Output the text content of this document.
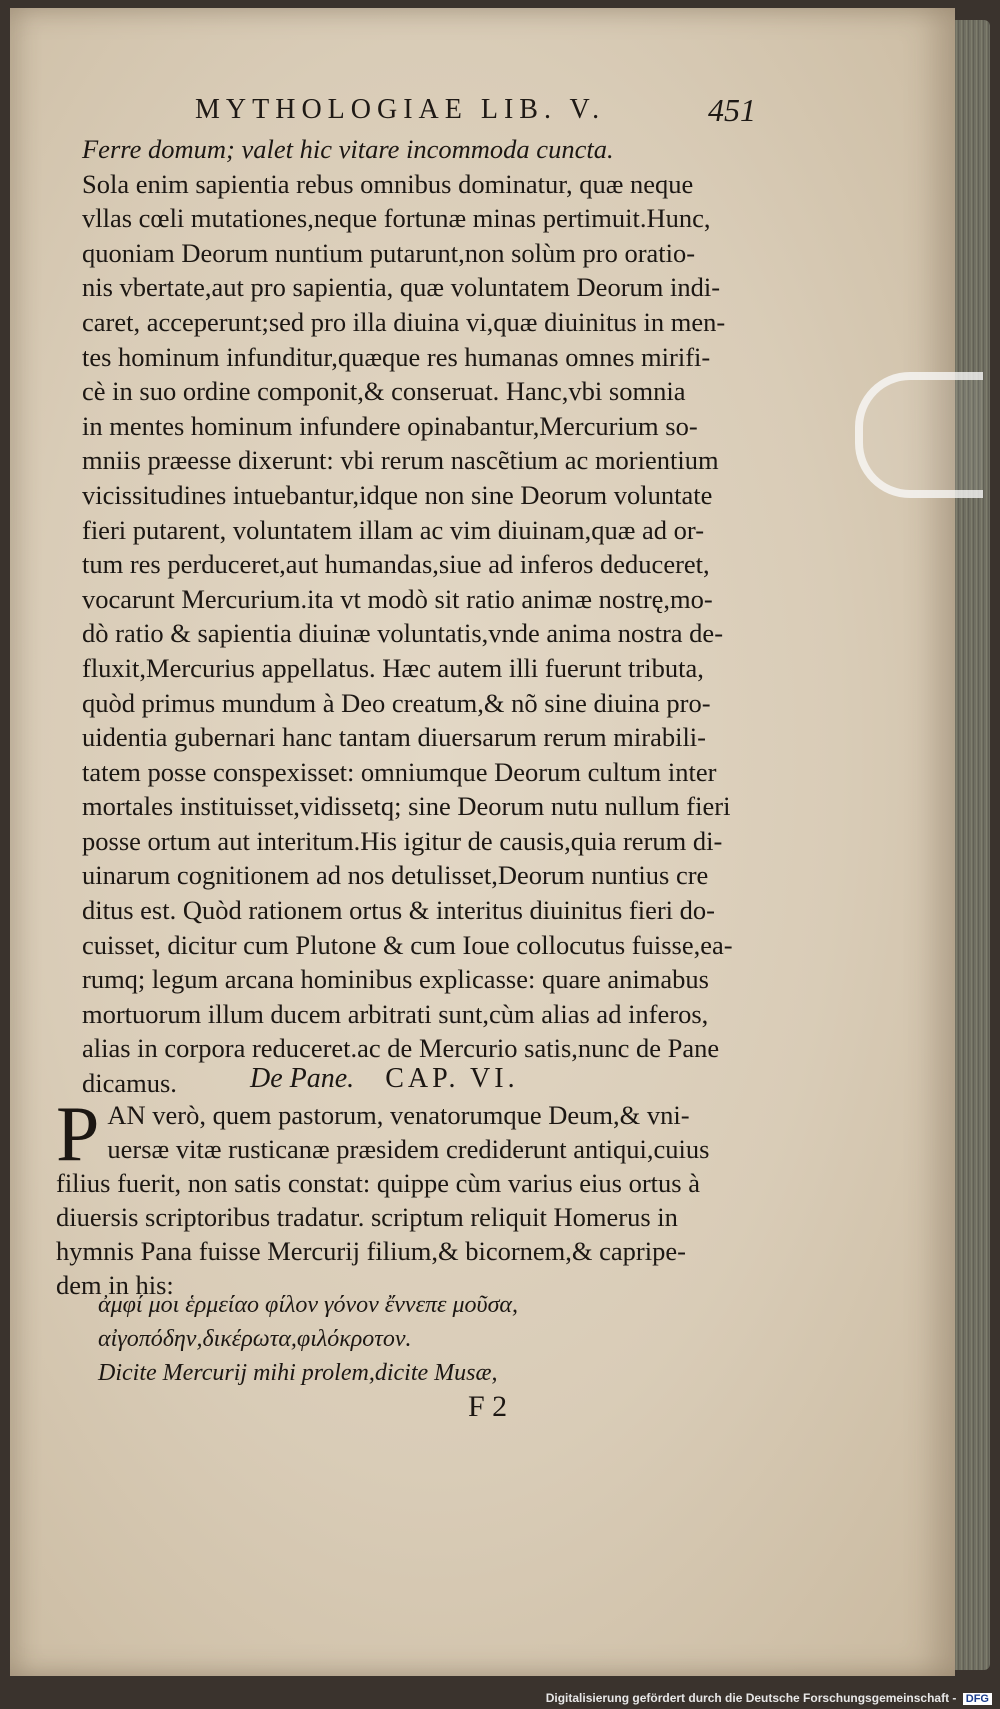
MYTHOLOGIAE LIB. V.	451
Ferre domum; valet hic vitare incommoda cuncta.
Sola enim sapientia rebus omnibus dominatur, quæ neque
vllas cœli mutationes,neque fortunæ minas pertimuit.Hunc,
quoniam Deorum nuntium putarunt,non solùm pro oratio-
nis vbertate,aut pro sapientia, quæ voluntatem Deorum indi-
caret, acceperunt;sed pro illa diuina vi,quæ diuinitus in men-
tes hominum infunditur,quæque res humanas omnes mirifi-
cè in suo ordine componit,& conseruat. Hanc,vbi somnia
in mentes hominum infundere opinabantur,Mercurium so-
mniis præesse dixerunt: vbi rerum nascẽtium ac morientium
vicissitudines intuebantur,idque non sine Deorum voluntate
fieri putarent, voluntatem illam ac vim diuinam,quæ ad or-
tum res perduceret,aut humandas,siue ad inferos deduceret,
vocarunt Mercurium.ita vt modò sit ratio animæ nostrę,mo-
dò ratio & sapientia diuinæ voluntatis,vnde anima nostra de-
fluxit,Mercurius appellatus. Hæc autem illi fuerunt tributa,
quòd primus mundum à Deo creatum,& nõ sine diuina pro-
uidentia gubernari hanc tantam diuersarum rerum mirabili-
tatem posse conspexisset: omniumque Deorum cultum inter
mortales instituisset,vidissetq; sine Deorum nutu nullum fieri
posse ortum aut interitum.His igitur de causis,quia rerum di-
uinarum cognitionem ad nos detulisset,Deorum nuntius cre
ditus est. Quòd rationem ortus & interitus diuinitus fieri do-
cuisset, dicitur cum Plutone & cum Ioue collocutus fuisse,ea-
rumq; legum arcana hominibus explicasse: quare animabus
mortuorum illum ducem arbitrati sunt,cùm alias ad inferos,
alias in corpora reduceret.ac de Mercurio satis,nunc de Pane
dicamus.	De Pane. CAP. VI.
P AN verò, quem pastorum, venatorumque Deum,& vni-
uersæ vitæ rusticanæ præsidem crediderunt antiqui,cuius
filius fuerit, non satis constat: quippe cùm varius eius ortus à
diuersis scriptoribus tradatur. scriptum reliquit Homerus in
hymnis Pana fuisse Mercurij filium,& bicornem,& capripe-
dem in his:
ἀμφί μοι ἑρμείαο φίλον γόνον ἔννεπε μοῦσα,
αἰγοπόδην,δικέρωτα,φιλόκροτον.
Dicite Mercurij mihi prolem,dicite Musæ,
F 2
Digitalisierung gefördert durch die Deutsche Forschungsgemeinschaft - DFG
